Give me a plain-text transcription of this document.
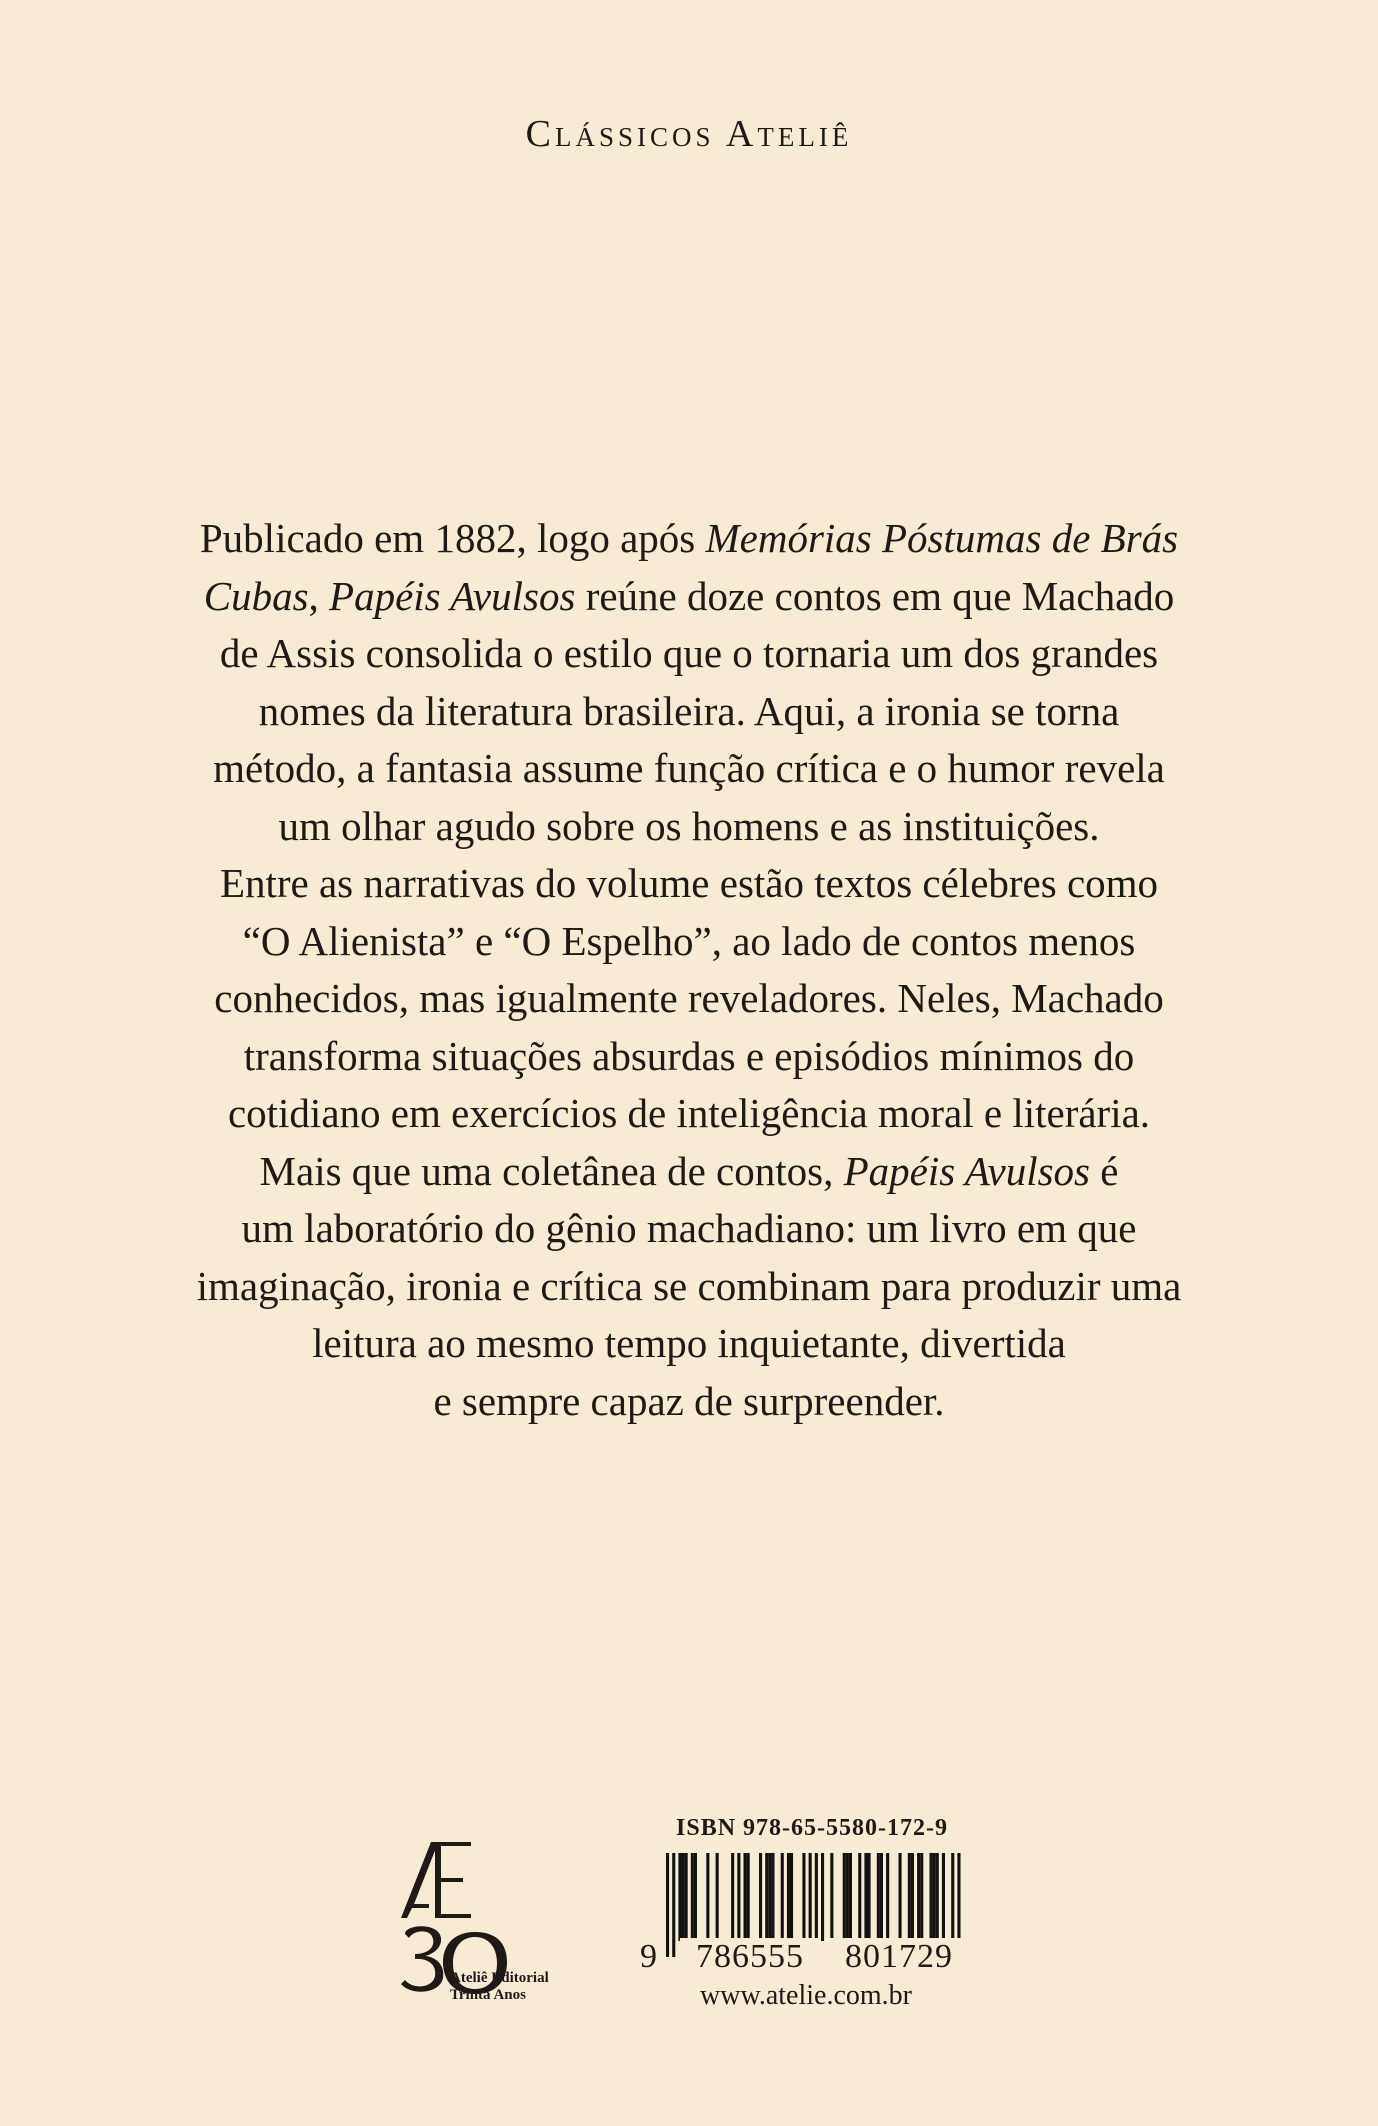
Clássicos Ateliê
Publicado em 1882, logo após Memórias Póstumas de Brás
Cubas, Papéis Avulsos reúne doze contos em que Machado
de Assis consolida o estilo que o tornaria um dos grandes
nomes da literatura brasileira. Aqui, a ironia se torna
método, a fantasia assume função crítica e o humor revela
um olhar agudo sobre os homens e as instituições.
Entre as narrativas do volume estão textos célebres como
“O Alienista” e “O Espelho”, ao lado de contos menos
conhecidos, mas igualmente reveladores. Neles, Machado
transforma situações absurdas e episódios mínimos do
cotidiano em exercícios de inteligência moral e literária.
Mais que uma coletânea de contos, Papéis Avulsos é
um laboratório do gênio machadiano: um livro em que
imaginação, ironia e crítica se combinam para produzir uma
leitura ao mesmo tempo inquietante, divertida
e sempre capaz de surpreender.
Ateliê Editorial
Trinta Anos
ISBN 978-65-5580-172-9
9	786555	801729
www.atelie.com.br
